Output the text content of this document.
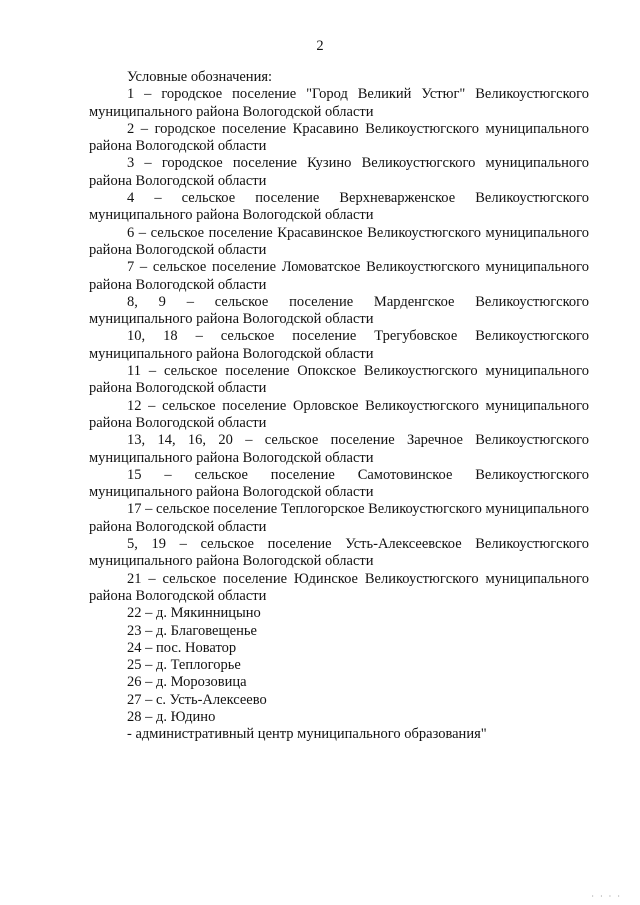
2
Условные обозначения:
1 – городское поселение "Город Великий Устюг" Великоустюгского муниципального района Вологодской области
2 – городское поселение Красавино Великоустюгского муниципального района Вологодской области
3 – городское поселение Кузино Великоустюгского муниципального района Вологодской области
4 – сельское поселение Верхневарженское Великоустюгского муниципального района Вологодской области
6 – сельское поселение Красавинское Великоустюгского муниципального района Вологодской области
7 – сельское поселение Ломоватское Великоустюгского муниципального района Вологодской области
8, 9 – сельское поселение Марденгское Великоустюгского муниципального района Вологодской области
10, 18 – сельское поселение Трегубовское Великоустюгского муниципального района Вологодской области
11 – сельское поселение Опокское Великоустюгского муниципального района Вологодской области
12 – сельское поселение Орловское Великоустюгского муниципального района Вологодской области
13, 14, 16, 20 – сельское поселение Заречное Великоустюгского муниципального района Вологодской области
15 – сельское поселение Самотовинское Великоустюгского муниципального района Вологодской области
17 – сельское поселение Теплогорское Великоустюгского муниципального района Вологодской области
5, 19 – сельское поселение Усть-Алексеевское Великоустюгского муниципального района Вологодской области
21 – сельское поселение Юдинское Великоустюгского муниципального района Вологодской области
22 – д. Мякинницыно
23 – д. Благовещенье
24 – пос. Новатор
25 – д. Теплогорье
26 – д. Морозовица
27 – с. Усть-Алексеево
28 – д. Юдино
- административный центр муниципального образования"
· · · ·
